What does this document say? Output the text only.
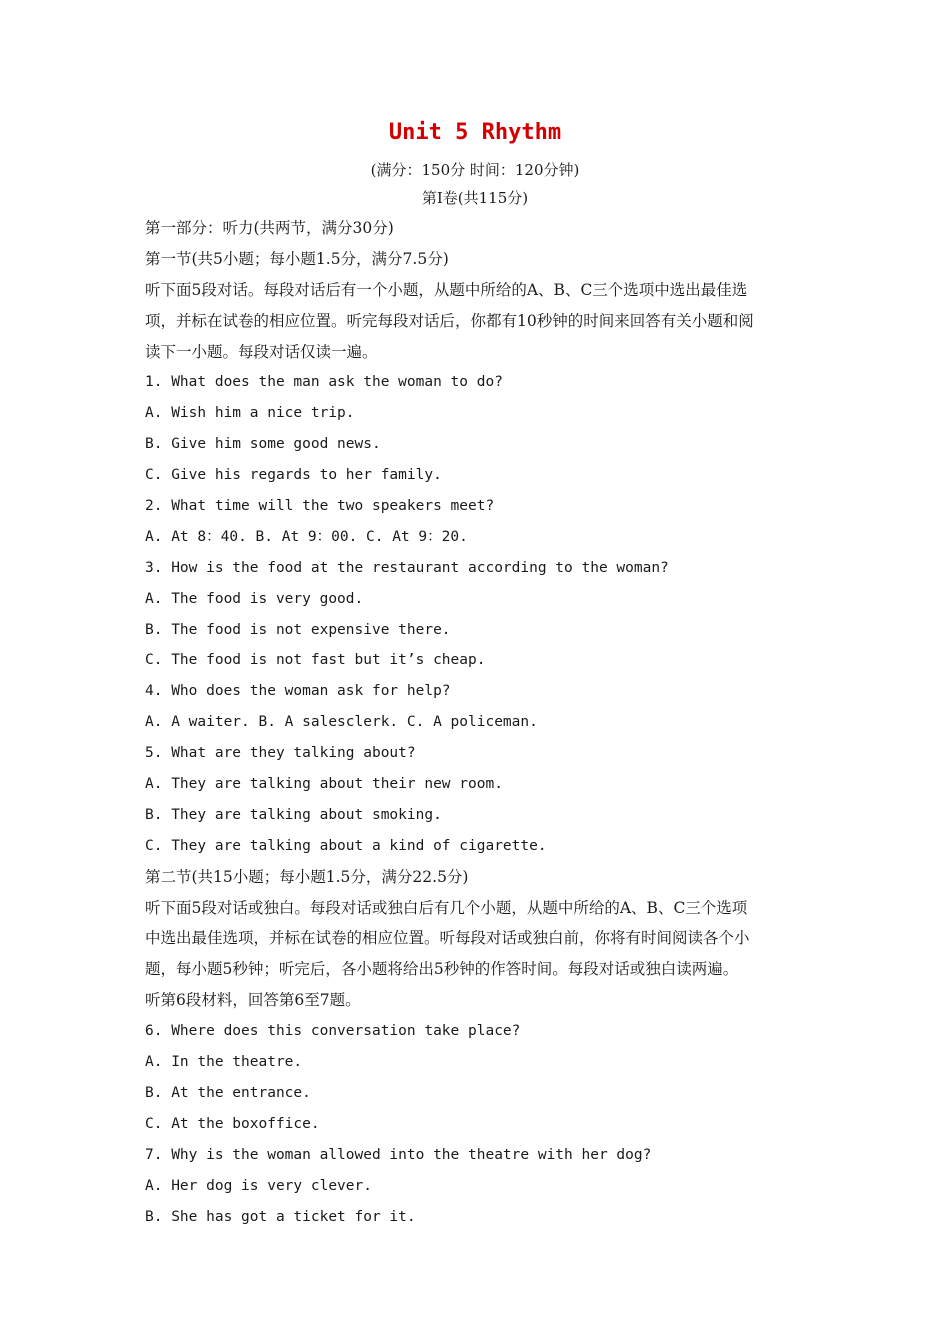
Unit 5 Rhythm
(满分：150分 时间：120分钟)
第Ⅰ卷(共115分)
第一部分：听力(共两节，满分30分)
第一节(共5小题；每小题1.5分，满分7.5分)
听下面5段对话。每段对话后有一个小题，从题中所给的A、B、C三个选项中选出最佳选
项，并标在试卷的相应位置。听完每段对话后，你都有10秒钟的时间来回答有关小题和阅
读下一小题。每段对话仅读一遍。
1. What does the man ask the woman to do?
A. Wish him a nice trip.
B. Give him some good news.
C. Give his regards to her family.
2. What time will the two speakers meet?
A. At 8：40. B. At 9：00. C. At 9：20.
3. How is the food at the restaurant according to the woman?
A. The food is very good.
B. The food is not expensive there.
C. The food is not fast but it’s cheap.
4. Who does the woman ask for help?
A. A waiter. B. A salesclerk. C. A policeman.
5. What are they talking about?
A. They are talking about their new room.
B. They are talking about smoking.
C. They are talking about a kind of cigarette.
第二节(共15小题；每小题1.5分，满分22.5分)
听下面5段对话或独白。每段对话或独白后有几个小题，从题中所给的A、B、C三个选项
中选出最佳选项，并标在试卷的相应位置。听每段对话或独白前，你将有时间阅读各个小
题，每小题5秒钟；听完后，各小题将给出5秒钟的作答时间。每段对话或独白读两遍。
听第6段材料，回答第6至7题。
6. Where does this conversation take place?
A. In the theatre.
B. At the entrance.
C. At the boxoffice.
7. Why is the woman allowed into the theatre with her dog?
A. Her dog is very clever.
B. She has got a ticket for it.
